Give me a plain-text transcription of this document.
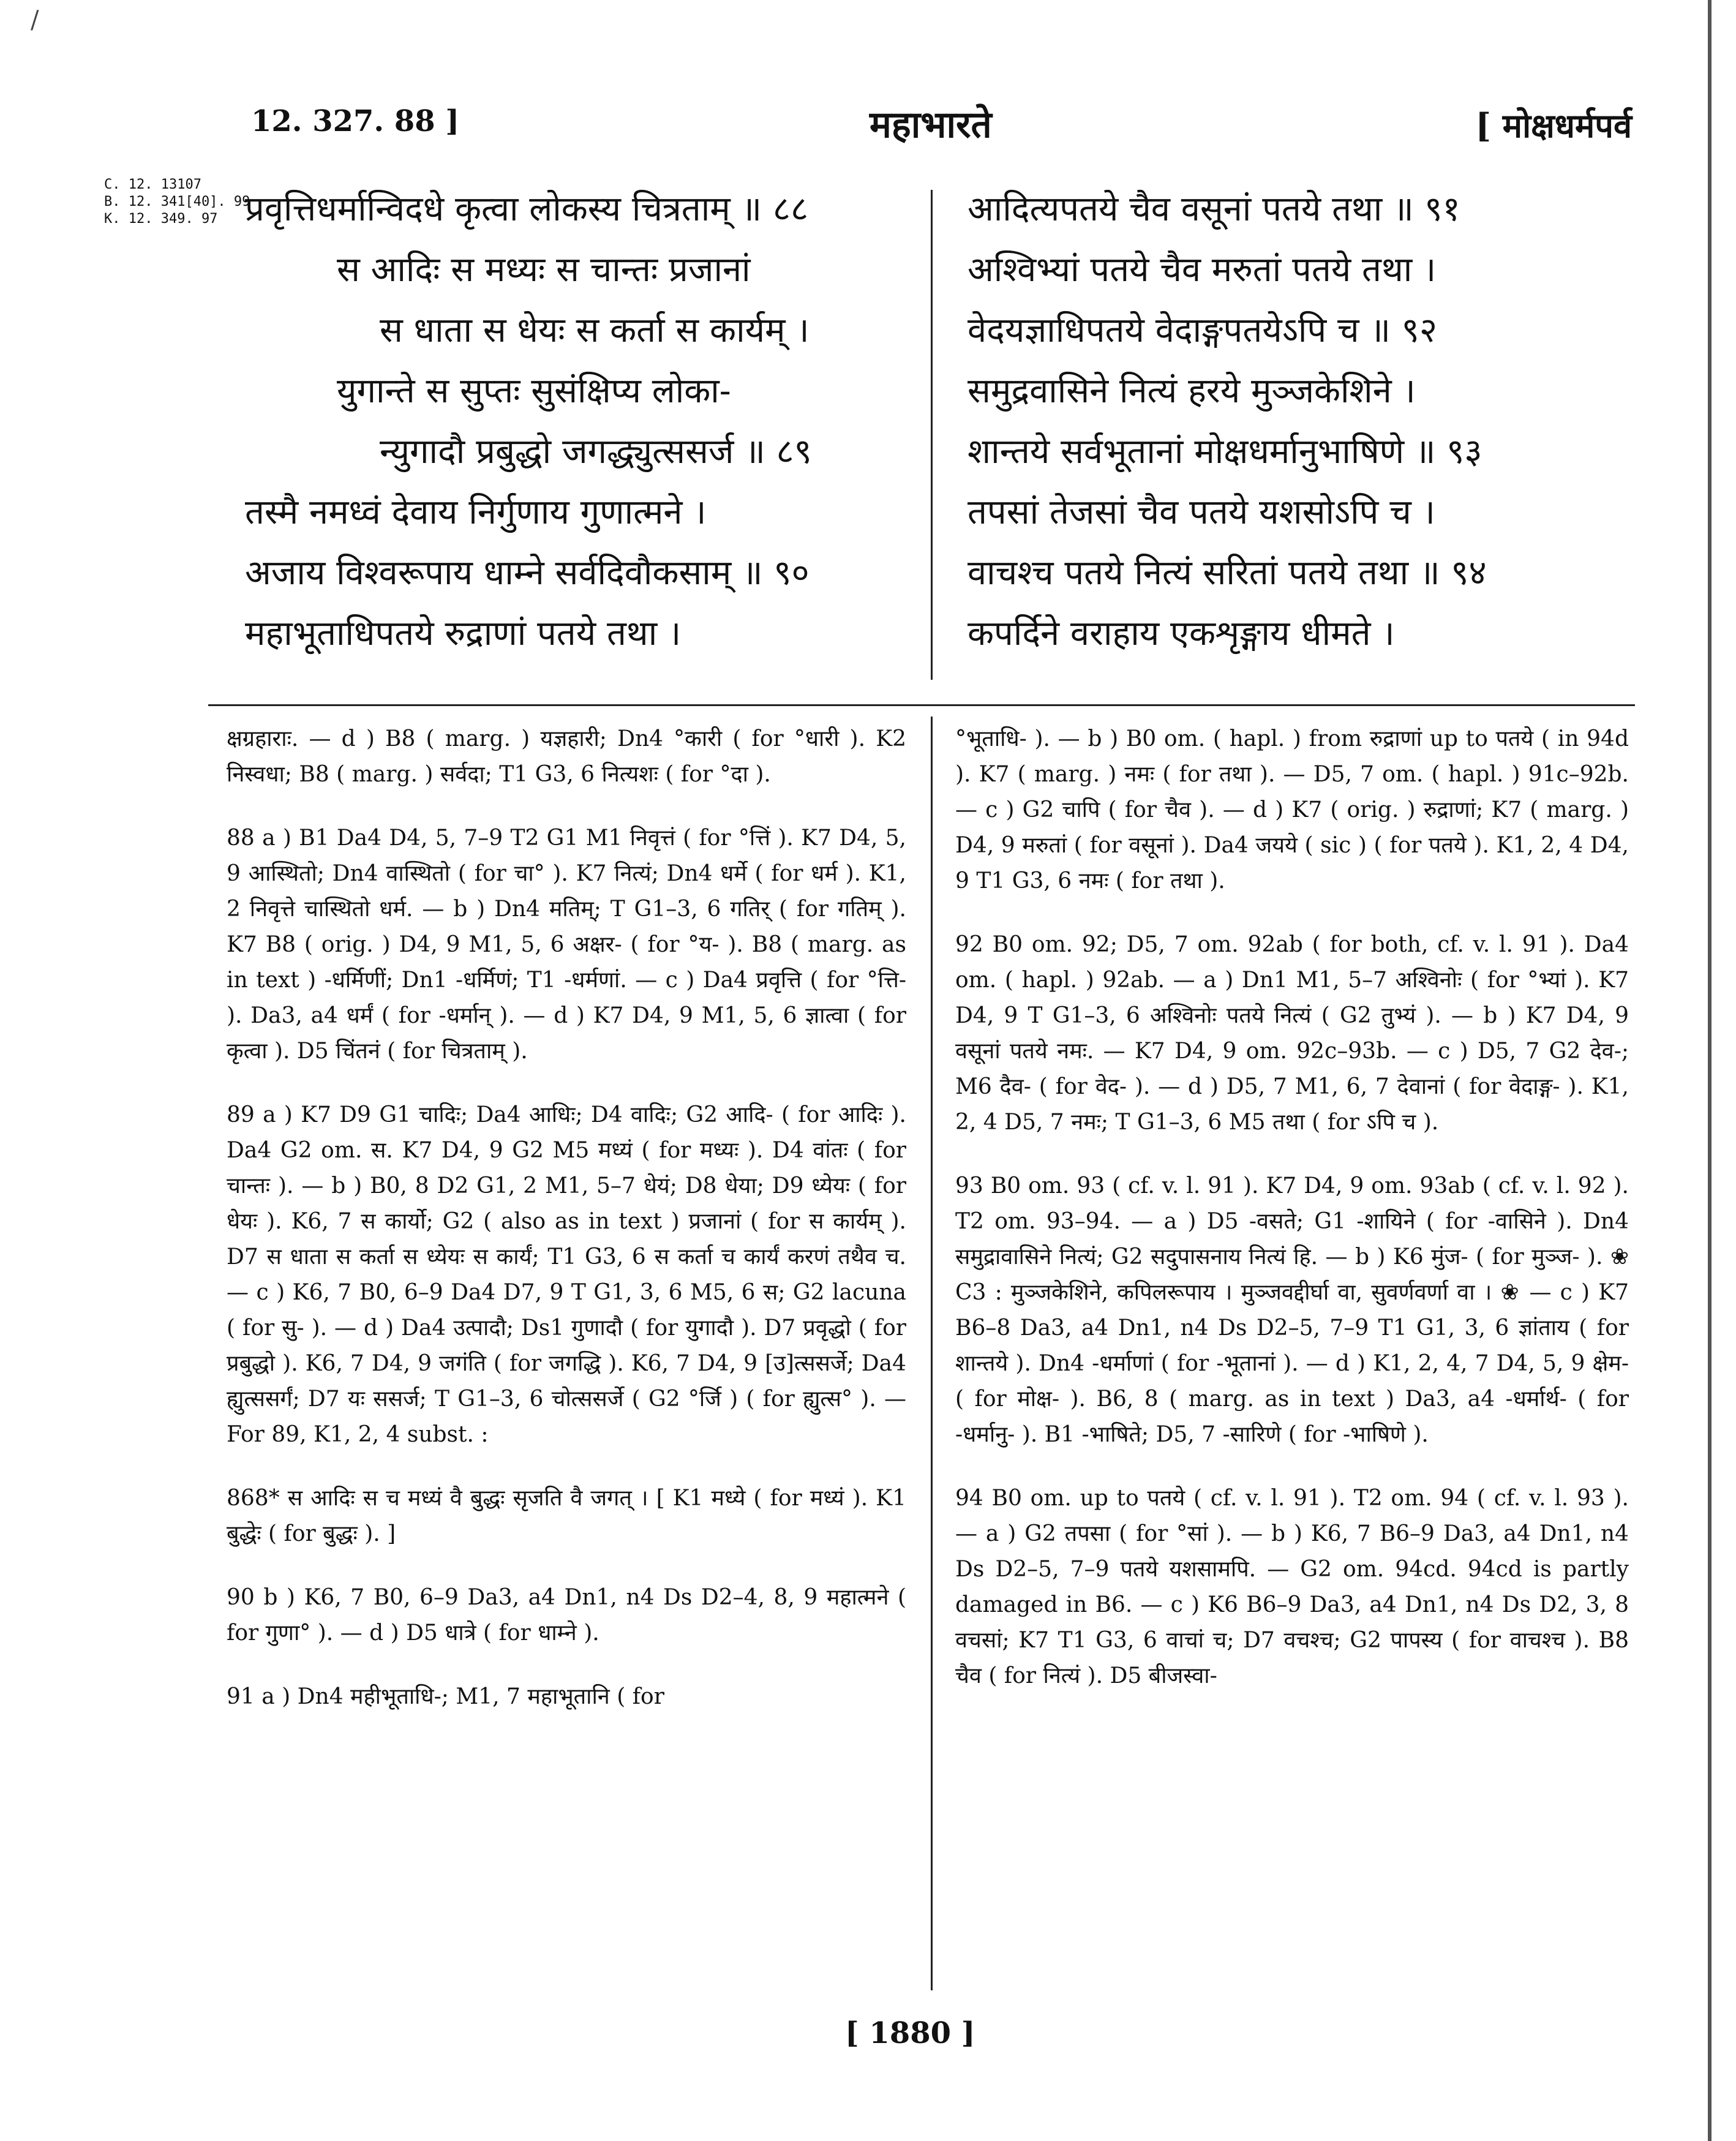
/
12. 327. 88 ]	महाभारते	[ मोक्षधर्मपर्व
C. 12. 13107
B. 12. 341[40]. 99
K. 12. 349. 97 प्रवृत्तिधर्मान्विदधे कृत्वा लोकस्य चित्रताम् ॥ ८८
स आदिः स मध्यः स चान्तः प्रजानां
स धाता स धेयः स कर्ता स कार्यम् ।
युगान्ते स सुप्तः सुसंक्षिप्य लोका-
न्युगादौ प्रबुद्धो जगद्ध्युत्ससर्ज ॥ ८९
तस्मै नमध्वं देवाय निर्गुणाय गुणात्मने ।
अजाय विश्वरूपाय धाम्ने सर्वदिवौकसाम् ॥ ९०
महाभूताधिपतये रुद्राणां पतये तथा ।
आदित्यपतये चैव वसूनां पतये तथा ॥ ९१
अश्विभ्यां पतये चैव मरुतां पतये तथा ।
वेदयज्ञाधिपतये वेदाङ्गपतयेऽपि च ॥ ९२
समुद्रवासिने नित्यं हरये मुञ्जकेशिने ।
शान्तये सर्वभूतानां मोक्षधर्मानुभाषिणे ॥ ९३
तपसां तेजसां चैव पतये यशसोऽपि च ।
वाचश्च पतये नित्यं सरितां पतये तथा ॥ ९४
कपर्दिने वराहाय एकशृङ्गाय धीमते ।

क्षग्रहाराः. — d ) B8 ( marg. ) यज्ञहारी; Dn4 °कारी ( for °धारी ). K2 निस्वधा; B8 ( marg. ) सर्वदा; T1 G3, 6 नित्यशः ( for °दा ).

88 a ) B1 Da4 D4, 5, 7–9 T2 G1 M1 निवृत्तं ( for °त्तिं ). K7 D4, 5, 9 आस्थितो; Dn4 वास्थितो ( for चा° ). K7 नित्यं; Dn4 धर्मे ( for धर्म ). K1, 2 निवृत्ते चास्थितो धर्म. — b ) Dn4 मतिम्; T G1–3, 6 गतिर् ( for गतिम् ). K7 B8 ( orig. ) D4, 9 M1, 5, 6 अक्षर- ( for °य- ). B8 ( marg. as in text ) -धर्मिणीं; Dn1 -धर्मिणं; T1 -धर्मणां. — c ) Da4 प्रवृत्ति ( for °त्ति- ). Da3, a4 धर्मं ( for -धर्मान् ). — d ) K7 D4, 9 M1, 5, 6 ज्ञात्वा ( for कृत्वा ). D5 चिंतनं ( for चित्रताम् ).

89 a ) K7 D9 G1 चादिः; Da4 आधिः; D4 वादिः; G2 आदि- ( for आदिः ). Da4 G2 om. स. K7 D4, 9 G2 M5 मध्यं ( for मध्यः ). D4 वांतः ( for चान्तः ). — b ) B0, 8 D2 G1, 2 M1, 5–7 धेयं; D8 धेया; D9 ध्येयः ( for धेयः ). K6, 7 स कार्यो; G2 ( also as in text ) प्रजानां ( for स कार्यम् ). D7 स धाता स कर्ता स ध्येयः स कार्यं; T1 G3, 6 स कर्ता च कार्यं करणं तथैव च. — c ) K6, 7 B0, 6–9 Da4 D7, 9 T G1, 3, 6 M5, 6 स; G2 lacuna ( for सु- ). — d ) Da4 उत्पादौ; Ds1 गुणादौ ( for युगादौ ). D7 प्रवृद्धो ( for प्रबुद्धो ). K6, 7 D4, 9 जगंति ( for जगद्धि ). K6, 7 D4, 9 [उ]त्ससर्जे; Da4 ह्युत्ससर्गं; D7 यः ससर्ज; T G1–3, 6 चोत्ससर्जे ( G2 °र्जि ) ( for ह्युत्स° ). — For 89, K1, 2, 4 subst. :

868* स आदिः स च मध्यं वै बुद्धः सृजति वै जगत् । [ K1 मध्ये ( for मध्यं ). K1 बुद्धेः ( for बुद्धः ). ]

90 b ) K6, 7 B0, 6–9 Da3, a4 Dn1, n4 Ds D2–4, 8, 9 महात्मने ( for गुणा° ). — d ) D5 धात्रे ( for धाम्ने ).

91 a ) Dn4 महीभूताधि-; M1, 7 महाभूतानि ( for

°भूताधि- ). — b ) B0 om. ( hapl. ) from रुद्राणां up to पतये ( in 94d ). K7 ( marg. ) नमः ( for तथा ). — D5, 7 om. ( hapl. ) 91c–92b. — c ) G2 चापि ( for चैव ). — d ) K7 ( orig. ) रुद्राणां; K7 ( marg. ) D4, 9 मरुतां ( for वसूनां ). Da4 जयये ( sic ) ( for पतये ). K1, 2, 4 D4, 9 T1 G3, 6 नमः ( for तथा ).

92 B0 om. 92; D5, 7 om. 92ab ( for both, cf. v. l. 91 ). Da4 om. ( hapl. ) 92ab. — a ) Dn1 M1, 5–7 अश्विनोः ( for °भ्यां ). K7 D4, 9 T G1–3, 6 अश्विनोः पतये नित्यं ( G2 तुभ्यं ). — b ) K7 D4, 9 वसूनां पतये नमः. — K7 D4, 9 om. 92c–93b. — c ) D5, 7 G2 देव-; M6 दैव- ( for वेद- ). — d ) D5, 7 M1, 6, 7 देवानां ( for वेदाङ्ग- ). K1, 2, 4 D5, 7 नमः; T G1–3, 6 M5 तथा ( for ऽपि च ).

93 B0 om. 93 ( cf. v. l. 91 ). K7 D4, 9 om. 93ab ( cf. v. l. 92 ). T2 om. 93–94. — a ) D5 -वसते; G1 -शायिने ( for -वासिने ). Dn4 समुद्रावासिने नित्यं; G2 सदुपासनाय नित्यं हि. — b ) K6 मुंज- ( for मुञ्ज- ). ❀ C3 : मुञ्जकेशिने, कपिलरूपाय । मुञ्जवद्दीर्घा वा, सुवर्णवर्णा वा । ❀ — c ) K7 B6–8 Da3, a4 Dn1, n4 Ds D2–5, 7–9 T1 G1, 3, 6 ज्ञांताय ( for शान्तये ). Dn4 -धर्माणां ( for -भूतानां ). — d ) K1, 2, 4, 7 D4, 5, 9 क्षेम- ( for मोक्ष- ). B6, 8 ( marg. as in text ) Da3, a4 -धर्मार्थ- ( for -धर्मानु- ). B1 -भाषिते; D5, 7 -सारिणे ( for -भाषिणे ).

94 B0 om. up to पतये ( cf. v. l. 91 ). T2 om. 94 ( cf. v. l. 93 ). — a ) G2 तपसा ( for °सां ). — b ) K6, 7 B6–9 Da3, a4 Dn1, n4 Ds D2–5, 7–9 पतये यशसामपि. — G2 om. 94cd. 94cd is partly damaged in B6. — c ) K6 B6–9 Da3, a4 Dn1, n4 Ds D2, 3, 8 वचसां; K7 T1 G3, 6 वाचां च; D7 वचश्च; G2 पापस्य ( for वाचश्च ). B8 चैव ( for नित्यं ). D5 बीजस्वा-

[ 1880 ]
